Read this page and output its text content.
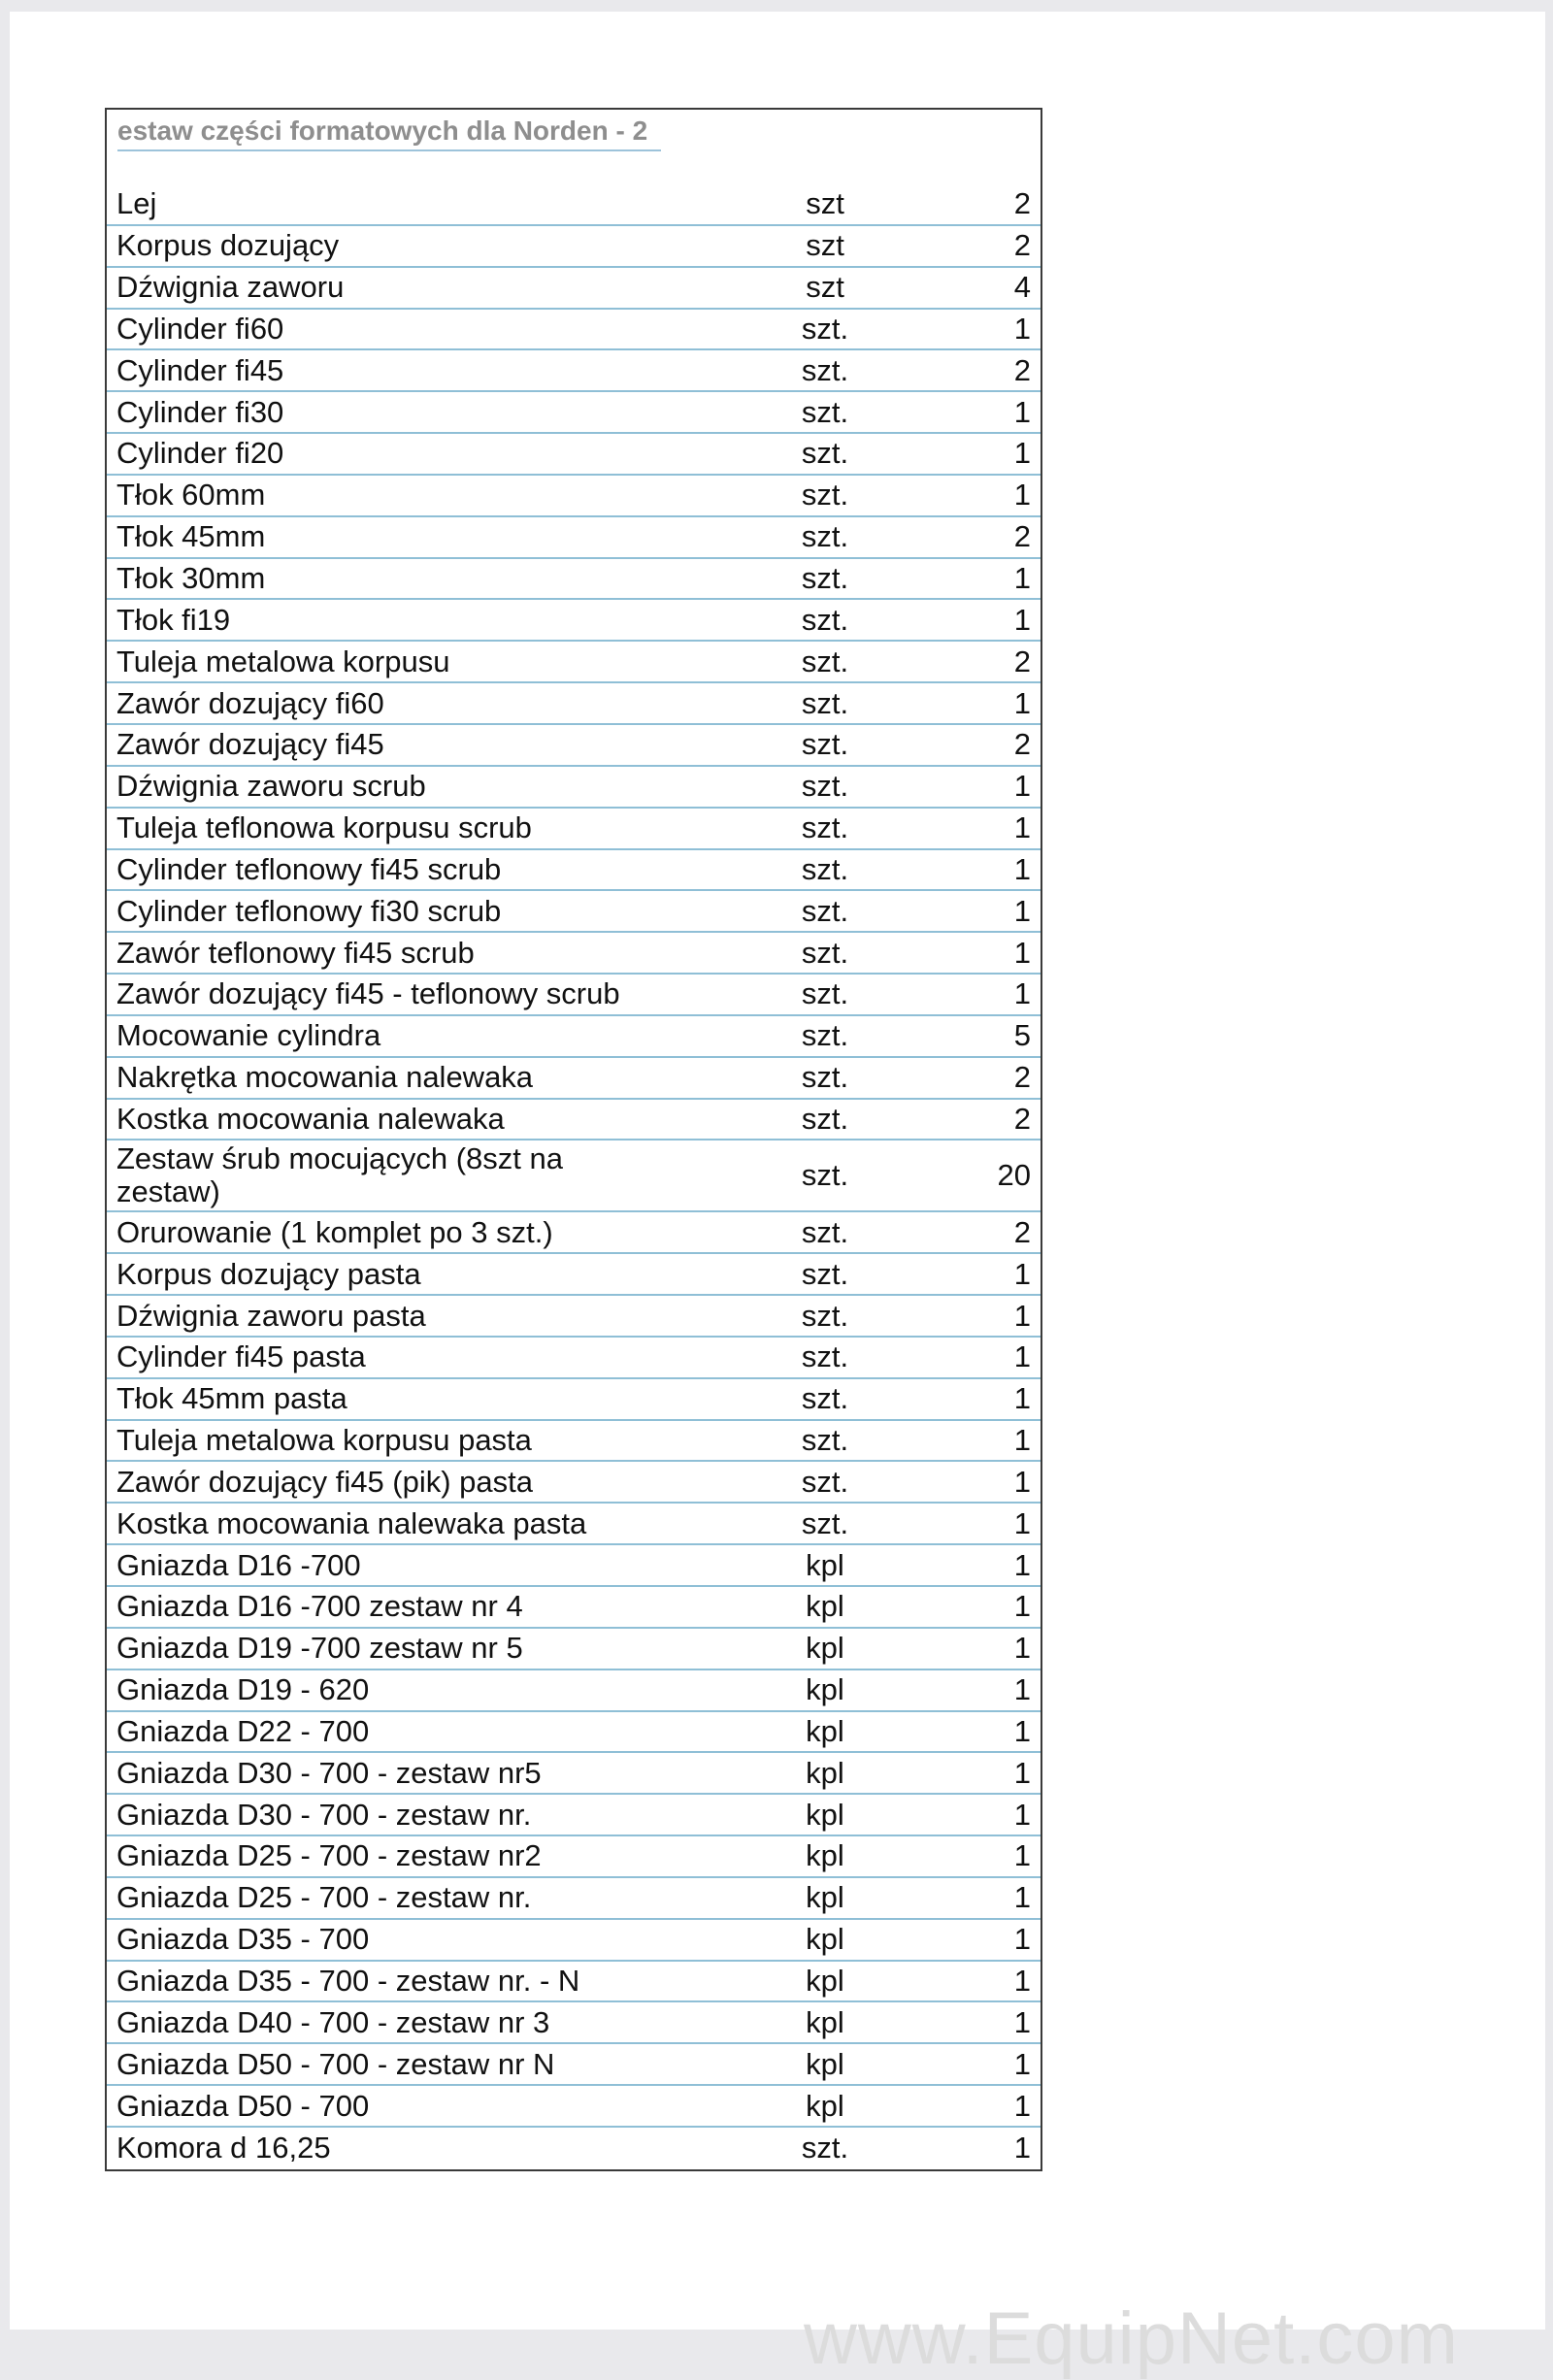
estaw części formatowych dla Norden - 2
Lej	szt	2
Korpus dozujący	szt	2
Dźwignia zaworu	szt	4
Cylinder fi60	szt.	1
Cylinder fi45	szt.	2
Cylinder fi30	szt.	1
Cylinder fi20	szt.	1
Tłok 60mm	szt.	1
Tłok 45mm	szt.	2
Tłok 30mm	szt.	1
Tłok fi19	szt.	1
Tuleja metalowa korpusu	szt.	2
Zawór dozujący fi60	szt.	1
Zawór dozujący fi45	szt.	2
Dźwignia zaworu scrub	szt.	1
Tuleja teflonowa korpusu scrub	szt.	1
Cylinder teflonowy fi45 scrub	szt.	1
Cylinder teflonowy fi30 scrub	szt.	1
Zawór teflonowy fi45 scrub	szt.	1
Zawór dozujący fi45 - teflonowy scrub	szt.	1
Mocowanie cylindra	szt.	5
Nakrętka mocowania nalewaka	szt.	2
Kostka mocowania nalewaka	szt.	2
Zestaw śrub mocujących (8szt na
zestaw)	szt.	20
Orurowanie (1 komplet po 3 szt.)	szt.	2
Korpus dozujący pasta	szt.	1
Dźwignia zaworu pasta	szt.	1
Cylinder fi45 pasta	szt.	1
Tłok 45mm pasta	szt.	1
Tuleja metalowa korpusu pasta	szt.	1
Zawór dozujący fi45 (pik) pasta	szt.	1
Kostka mocowania nalewaka pasta	szt.	1
Gniazda D16 -700	kpl	1
Gniazda D16 -700 zestaw nr 4	kpl	1
Gniazda D19 -700 zestaw nr 5	kpl	1
Gniazda D19 - 620	kpl	1
Gniazda D22 - 700	kpl	1
Gniazda D30 - 700 - zestaw nr5	kpl	1
Gniazda D30 - 700 - zestaw nr.	kpl	1
Gniazda D25 - 700 - zestaw nr2	kpl	1
Gniazda D25 - 700 - zestaw nr.	kpl	1
Gniazda D35 - 700	kpl	1
Gniazda D35 - 700 - zestaw nr. - N	kpl	1
Gniazda D40 - 700 - zestaw nr 3	kpl	1
Gniazda D50 - 700 - zestaw nr N	kpl	1
Gniazda D50 - 700	kpl	1
Komora d 16,25	szt.	1
www.EquipNet.com
